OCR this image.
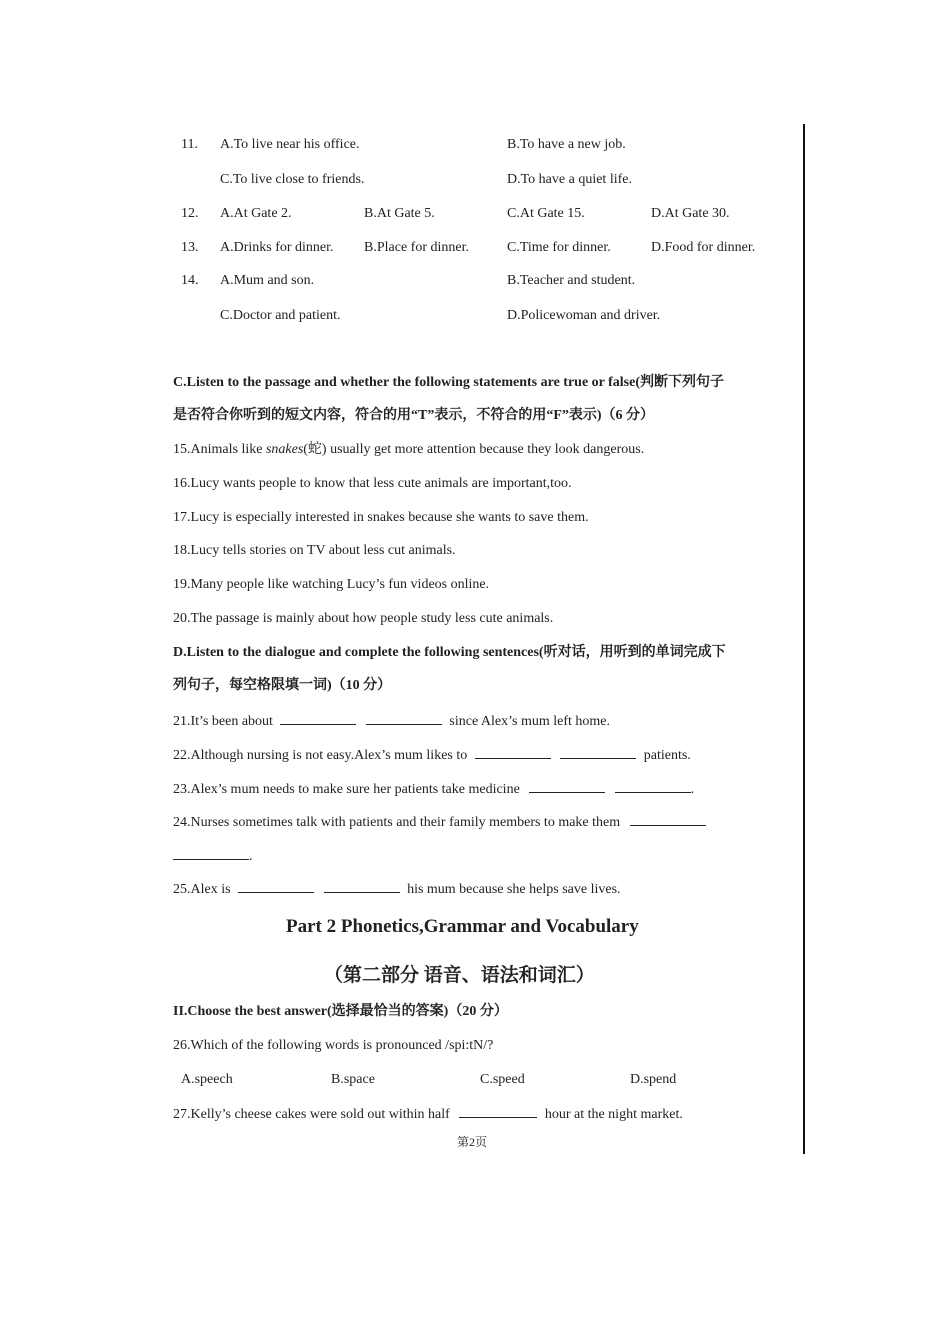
11. A.To live near his office.	B.To have a new job.
C.To live close to friends.	D.To have a quiet life.
12. A.At Gate 2.	B.At Gate 5.	C.At Gate 15.	D.At Gate 30.
13. A.Drinks for dinner. B.Place for dinner.	C.Time for dinner.	D.Food for dinner.
14. A.Mum and son.	B.Teacher and student.
C.Doctor and patient.	D.Policewoman and driver.
C.Listen to the passage and whether the following statements are true or false(判断下列句子
是否符合你听到的短文内容，符合的用“T”表示，不符合的用“F”表示)（6 分）
15.Animals like snakes(蛇) usually get more attention because they look dangerous.
16.Lucy wants people to know that less cute animals are important,too.
17.Lucy is especially interested in snakes because she wants to save them.
18.Lucy tells stories on TV about less cut animals.
19.Many people like watching Lucy’s fun videos online.
20.The passage is mainly about how people study less cute animals.
D.Listen to the dialogue and complete the following sentences(听对话，用听到的单词完成下
列句子，每空格限填一词)（10 分）
21.It’s been about	since Alex’s mum left home.
22.Although nursing is not easy.Alex’s mum likes to	patients.
23.Alex’s mum needs to make sure her patients take medicine	.
24.Nurses sometimes talk with patients and their family members to make them
.
25.Alex is	his mum because she helps save lives.
Part 2 Phonetics,Grammar and Vocabulary
（第二部分 语音、语法和词汇）
II.Choose the best answer(选择最恰当的答案)（20 分）
26.Which of the following words is pronounced /spi:tN/?
A.speech	B.space	C.speed	D.spend
27.Kelly’s cheese cakes were sold out within half	hour at the night market.
第2页
